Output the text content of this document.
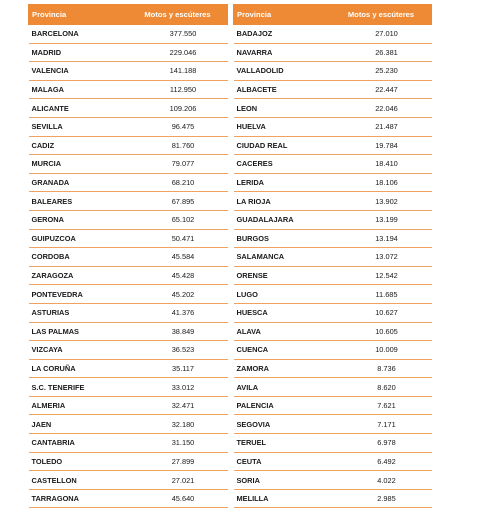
Provincia	Motos y escúteres
BARCELONA	377.550
MADRID	229.046
VALENCIA	141.188
MALAGA	112.950
ALICANTE	109.206
SEVILLA	96.475
CADIZ	81.760
MURCIA	79.077
GRANADA	68.210
BALEARES	67.895
GERONA	65.102
GUIPUZCOA	50.471
CORDOBA	45.584
ZARAGOZA	45.428
PONTEVEDRA	45.202
ASTURIAS	41.376
LAS PALMAS	38.849
VIZCAYA	36.523
LA CORUÑA	35.117
S.C. TENERIFE	33.012
ALMERIA	32.471
JAEN	32.180
CANTABRIA	31.150
TOLEDO	27.899
CASTELLON	27.021
TARRAGONA	45.640
Provincia	Motos y escúteres
BADAJOZ	27.010
NAVARRA	26.381
VALLADOLID	25.230
ALBACETE	22.447
LEON	22.046
HUELVA	21.487
CIUDAD REAL	19.784
CACERES	18.410
LERIDA	18.106
LA RIOJA	13.902
GUADALAJARA	13.199
BURGOS	13.194
SALAMANCA	13.072
ORENSE	12.542
LUGO	11.685
HUESCA	10.627
ALAVA	10.605
CUENCA	10.009
ZAMORA	8.736
AVILA	8.620
PALENCIA	7.621
SEGOVIA	7.171
TERUEL	6.978
CEUTA	6.492
SORIA	4.022
MELILLA	2.985
